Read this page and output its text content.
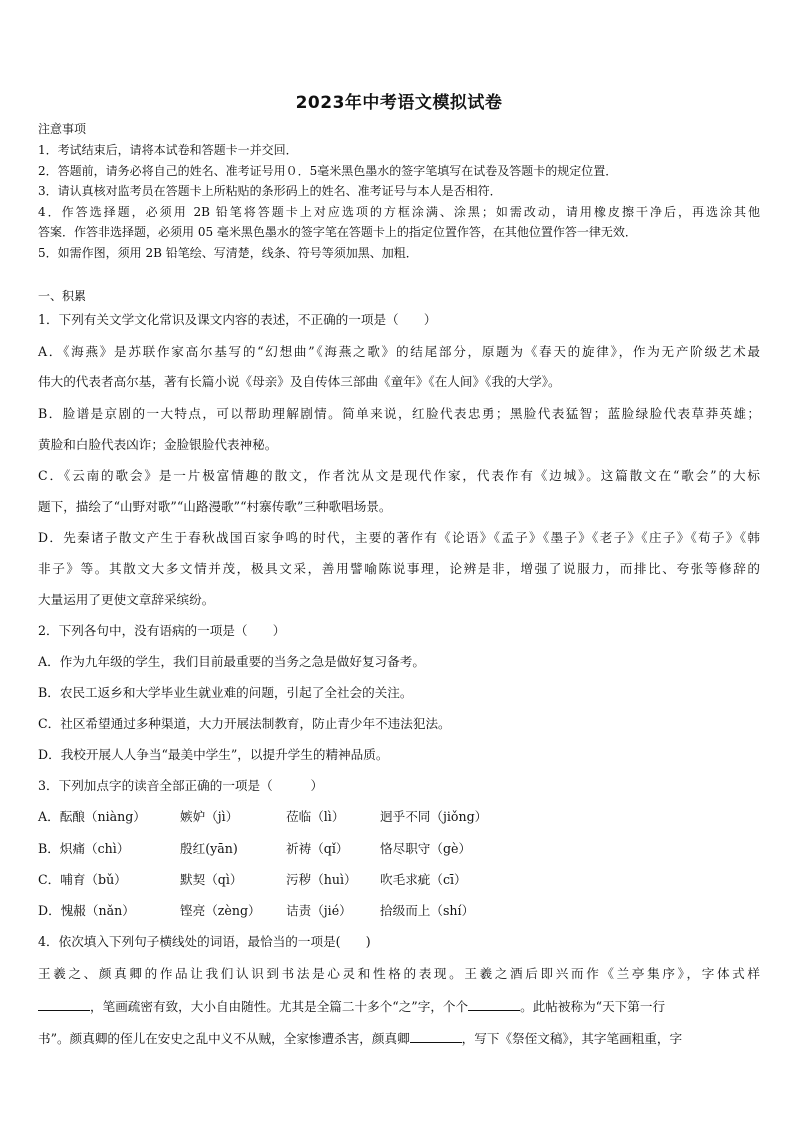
2023年中考语文模拟试卷
注意事项
1．考试结束后，请将本试卷和答题卡一并交回．
2．答题前，请务必将自己的姓名、准考证号用０．5毫米黑色墨水的签字笔填写在试卷及答题卡的规定位置．
3．请认真核对监考员在答题卡上所粘贴的条形码上的姓名、准考证号与本人是否相符．
4．作答选择题，必须用 2B 铅笔将答题卡上对应选项的方框涂满、涂黑；如需改动，请用橡皮擦干净后，再选涂其他
答案．作答非选择题，必须用 05 毫米黑色墨水的签字笔在答题卡上的指定位置作答，在其他位置作答一律无效．
5．如需作图，须用 2B 铅笔绘、写清楚，线条、符号等须加黑、加粗．
一、积累
1．下列有关文学文化常识及课文内容的表述，不正确的一项是（　　）
A．《海燕》是苏联作家高尔基写的“幻想曲”《海燕之歌》的结尾部分，原题为《春天的旋律》，作为无产阶级艺术最
伟大的代表者高尔基，著有长篇小说《母亲》及自传体三部曲《童年》《在人间》《我的大学》。
B．脸谱是京剧的一大特点，可以帮助理解剧情。简单来说，红脸代表忠勇；黑脸代表猛智；蓝脸绿脸代表草莽英雄；
黄脸和白脸代表凶诈；金脸银脸代表神秘。
C．《云南的歌会》是一片极富情趣的散文，作者沈从文是现代作家，代表作有《边城》。这篇散文在“歌会”的大标
题下，描绘了“山野对歌”“山路漫歌”“村寨传歌”三种歌唱场景。
D．先秦诸子散文产生于春秋战国百家争鸣的时代，主要的著作有《论语》《孟子》《墨子》《老子》《庄子》《荀子》《韩
非子》等。其散文大多文情并茂，极具文采，善用譬喻陈说事理，论辨是非，增强了说服力，而排比、夸张等修辞的
大量运用了更使文章辞采缤纷。
2．下列各句中，没有语病的一项是（　　）
A．作为九年级的学生，我们目前最重要的当务之急是做好复习备考。
B．农民工返乡和大学毕业生就业难的问题，引起了全社会的关注。
C．社区希望通过多种渠道，大力开展法制教育，防止青少年不违法犯法。
D．我校开展人人争当“最美中学生”，以提升学生的精神品质。
3．下列加点字的读音全部正确的一项是（　　　）
A．酝酿（niàng）	嫉妒（jì）	莅临（lì）	迥乎不同（jiǒng）
B．炽痛（chì）	殷红(yān)	祈祷（qǐ）	恪尽职守（gè）
C．哺育（bǔ）	默契（qì）	污秽（huì） 吹毛求疵（cī）
D．愧赧（nǎn）	铿亮（zèng） 诘责（jié） 拾级而上（shí）
4．依次填入下列句子横线处的词语，最恰当的一项是(　　)
王羲之、颜真卿的作品让我们认识到书法是心灵和性格的表现。王羲之酒后即兴而作《兰亭集序》，字体式样
，笔画疏密有致，大小自由随性。尤其是全篇二十多个“之”字，个个	。此帖被称为“天下第一行
书”。颜真卿的侄儿在安史之乱中义不从贼，全家惨遭杀害，颜真卿	，写下《祭侄文稿》，其字笔画粗重，字
